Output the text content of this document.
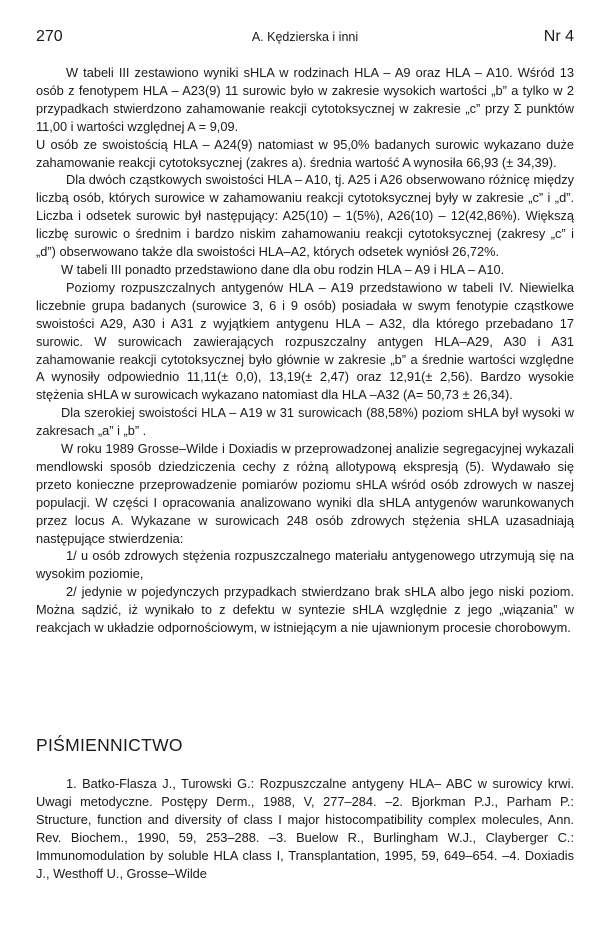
270	A. Kędzierska i inni	Nr 4

W tabeli III zestawiono wyniki sHLA w rodzinach HLA – A9 oraz HLA – A10. Wśród 13 osób z fenotypem HLA – A23(9) 11 surowic było w zakresie wysokich wartości „b” a tylko w 2 przypadkach stwierdzono zahamowanie reakcji cytotoksycznej w zakresie „c” przy Σ punktów 11,00 i wartości względnej A = 9,09.

U osób ze swoistością HLA – A24(9) natomiast w 95,0% badanych surowic wykazano duże zahamowanie reakcji cytotoksycznej (zakres a). średnia wartość A wynosiła 66,93 (± 34,39).

Dla dwóch cząstkowych swoistości HLA – A10, tj. A25 i A26 obserwowano różnicę między liczbą osób, których surowice w zahamowaniu reakcji cytotoksycznej były w zakresie „c” i „d”. Liczba i odsetek surowic był następujący: A25(10) – 1(5%), A26(10) – 12(42,86%). Większą liczbę surowic o średnim i bardzo niskim zahamowaniu reakcji cytotoksycznej (zakresy „c” i „d”) obserwowano także dla swoistości HLA–A2, których odsetek wyniósł 26,72%.

W tabeli III ponadto przedstawiono dane dla obu rodzin HLA – A9 i HLA – A10.

Poziomy rozpuszczalnych antygenów HLA – A19 przedstawiono w tabeli IV. Niewielka liczebnie grupa badanych (surowice 3, 6 i 9 osób) posiadała w swym fenotypie cząstkowe swoistości A29, A30 i A31 z wyjątkiem antygenu HLA – A32, dla którego przebadano 17 surowic. W surowicach zawierających rozpuszczalny antygen HLA–A29, A30 i A31 zahamowanie reakcji cytotoksycznej było głównie w zakresie „b” a średnie wartości względne A wynosiły odpowiednio 11,11(± 0,0), 13,19(± 2,47) oraz 12,91(± 2,56). Bardzo wysokie stężenia sHLA w surowicach wykazano natomiast dla HLA –A32 (A= 50,73 ± 26,34).

Dla szerokiej swoistości HLA – A19 w 31 surowicach (88,58%) poziom sHLA był wysoki w zakresach „a” i „b” .

W roku 1989 Grosse–Wilde i Doxiadis w przeprowadzonej analizie segregacyjnej wykazali mendlowski sposób dziedziczenia cechy z różną allotypową ekspresją (5). Wydawało się przeto konieczne przeprowadzenie pomiarów poziomu sHLA wśród osób zdrowych w naszej populacji. W części I opracowania analizowano wyniki dla sHLA antygenów warunkowanych przez locus A. Wykazane w surowicach 248 osób zdrowych stężenia sHLA uzasadniają następujące stwierdzenia:

1/ u osób zdrowych stężenia rozpuszczalnego materiału antygenowego utrzymują się na wysokim poziomie,

2/ jedynie w pojedynczych przypadkach stwierdzano brak sHLA albo jego niski poziom. Można sądzić, iż wynikało to z defektu w syntezie sHLA względnie z jego „wiązania” w reakcjach w układzie odpornościowym, w istniejącym a nie ujawnionym procesie chorobowym.

PIŚMIENNICTWO

1. Batko-Flasza J., Turowski G.: Rozpuszczalne antygeny HLA– ABC w surowicy krwi. Uwagi metodyczne. Postępy Derm., 1988, V, 277–284. –2. Bjorkman P.J., Parham P.: Structure, function and diversity of class I major histocompatibility complex molecules, Ann. Rev. Biochem., 1990, 59, 253–288. –3. Buelow R., Burlingham W.J., Clayberger C.: Immunomodulation by soluble HLA class I, Transplantation, 1995, 59, 649–654. –4. Doxiadis J., Westhoff U., Grosse–Wilde
